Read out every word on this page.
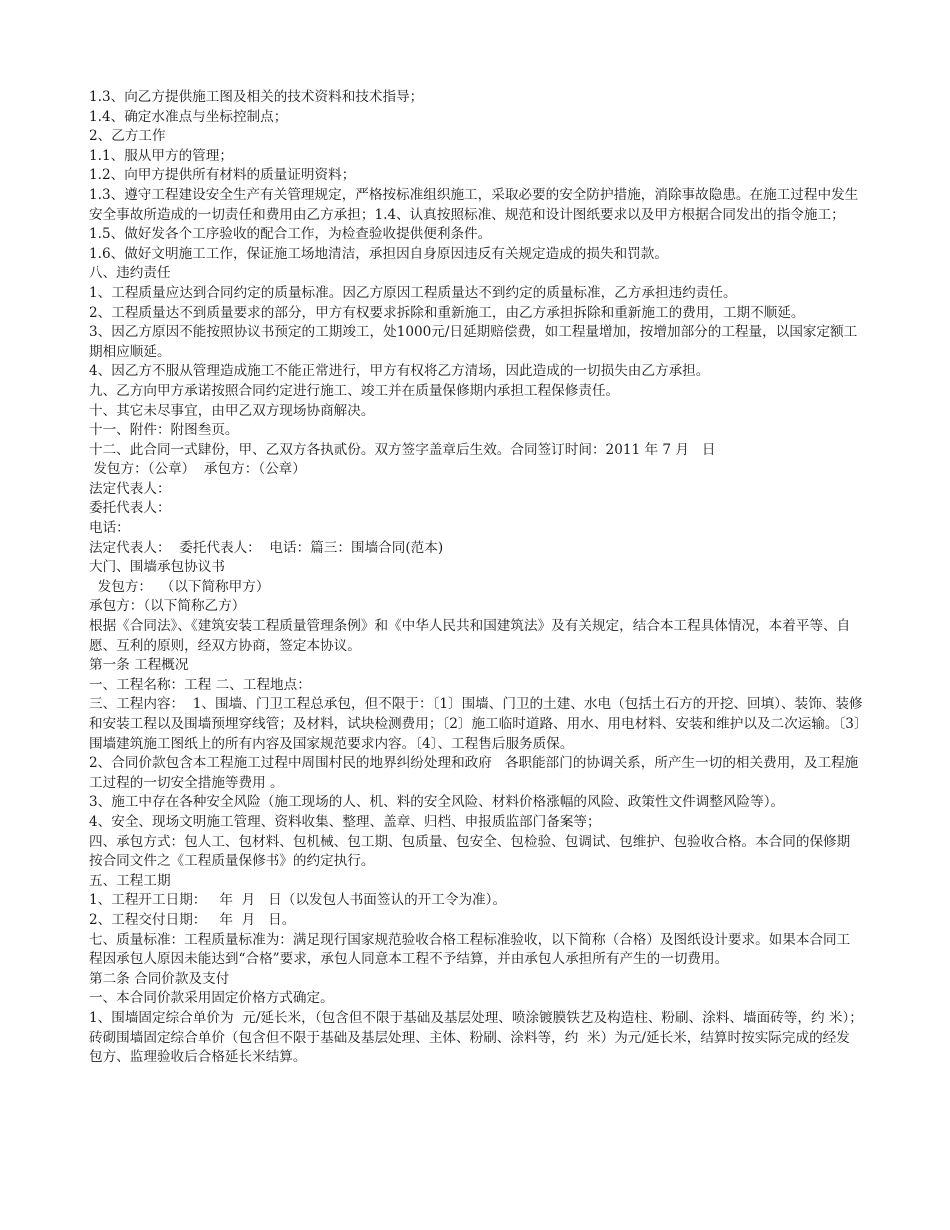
1.3、向乙方提供施工图及相关的技术资料和技术指导；
1.4、确定水准点与坐标控制点；
2、乙方工作
1.1、服从甲方的管理；
1.2、向甲方提供所有材料的质量证明资料；
1.3、遵守工程建设安全生产有关管理规定，严格按标准组织施工，采取必要的安全防护措施，消除事故隐患。在施工过程中发生安全事故所造成的一切责任和费用由乙方承担；1.4、认真按照标准、规范和设计图纸要求以及甲方根据合同发出的指令施工；
1.5、做好发各个工序验收的配合工作，为检查验收提供便利条件。
1.6、做好文明施工工作，保证施工场地清洁，承担因自身原因违反有关规定造成的损失和罚款。
八、违约责任
1、工程质量应达到合同约定的质量标准。因乙方原因工程质量达不到约定的质量标准，乙方承担违约责任。
2、工程质量达不到质量要求的部分，甲方有权要求拆除和重新施工，由乙方承担拆除和重新施工的费用，工期不顺延。
3、因乙方原因不能按照协议书预定的工期竣工，处1000元/日延期赔偿费，如工程量增加，按增加部分的工程量，以国家定额工期相应顺延。
4、因乙方不服从管理造成施工不能正常进行，甲方有权将乙方清场，因此造成的一切损失由乙方承担。
九、乙方向甲方承诺按照合同约定进行施工、竣工并在质量保修期内承担工程保修责任。
十、其它未尽事宜，由甲乙双方现场协商解决。
十一、附件：附图叁页。
十二、此合同一式肆份，甲、乙双方各执贰份。双方签字盖章后生效。合同签订时间：2011 年 7 月   日
发包方：（公章）  承包方：（公章）
法定代表人：
委托代表人：
电话：
法定代表人：  委托代表人：  电话：篇三：围墙合同(范本)
大门、围墙承包协议书
发包方：  （以下简称甲方）
承包方：（以下简称乙方）
根据《合同法》、《建筑安装工程质量管理条例》和《中华人民共和国建筑法》及有关规定，结合本工程具体情况，本着平等、自愿、互利的原则，经双方协商，签定本协议。
第一条 工程概况
一、工程名称：工程 二、工程地点：
三、工程内容：  1、围墙、门卫工程总承包，但不限于：〔1〕围墙、门卫的土建、水电（包括土石方的开挖、回填）、装饰、装修和安装工程以及围墙预埋穿线管；及材料，试块检测费用；〔2〕施工临时道路、用水、用电材料、安装和维护以及二次运输。〔3〕围墙建筑施工图纸上的所有内容及国家规范要求内容。〔4〕、工程售后服务质保。
2、合同价款包含本工程施工过程中周围村民的地界纠纷处理和政府   各职能部门的协调关系，所产生一切的相关费用，及工程施工过程的一切安全措施等费用 。
3、施工中存在各种安全风险（施工现场的人、机、料的安全风险、材料价格涨幅的风险、政策性文件调整风险等）。
4、安全、现场文明施工管理、资料收集、整理、盖章、归档、申报质监部门备案等；
四、承包方式：包人工、包材料、包机械、包工期、包质量、包安全、包检验、包调试、包维护、包验收合格。本合同的保修期按合同文件之《工程质量保修书》的约定执行。
五、工程工期
1、工程开工日期：   年  月   日（以发包人书面签认的开工令为准）。
2、工程交付日期：   年  月   日。
七、质量标准：工程质量标准为：满足现行国家规范验收合格工程标准验收，以下简称（合格）及图纸设计要求。如果本合同工程因承包人原因未能达到“合格”要求，承包人同意本工程不予结算，并由承包人承担所有产生的一切费用。
第二条 合同价款及支付
一、本合同价款采用固定价格方式确定。
1、围墙固定综合单价为  元/延长米，（包含但不限于基础及基层处理、喷涂镀膜铁艺及构造柱、粉刷、涂料、墙面砖等，约 米）；砖砌围墙固定综合单价（包含但不限于基础及基层处理、主体、粉刷、涂料等，约  米）为元/延长米，结算时按实际完成的经发包方、监理验收后合格延长米结算。
